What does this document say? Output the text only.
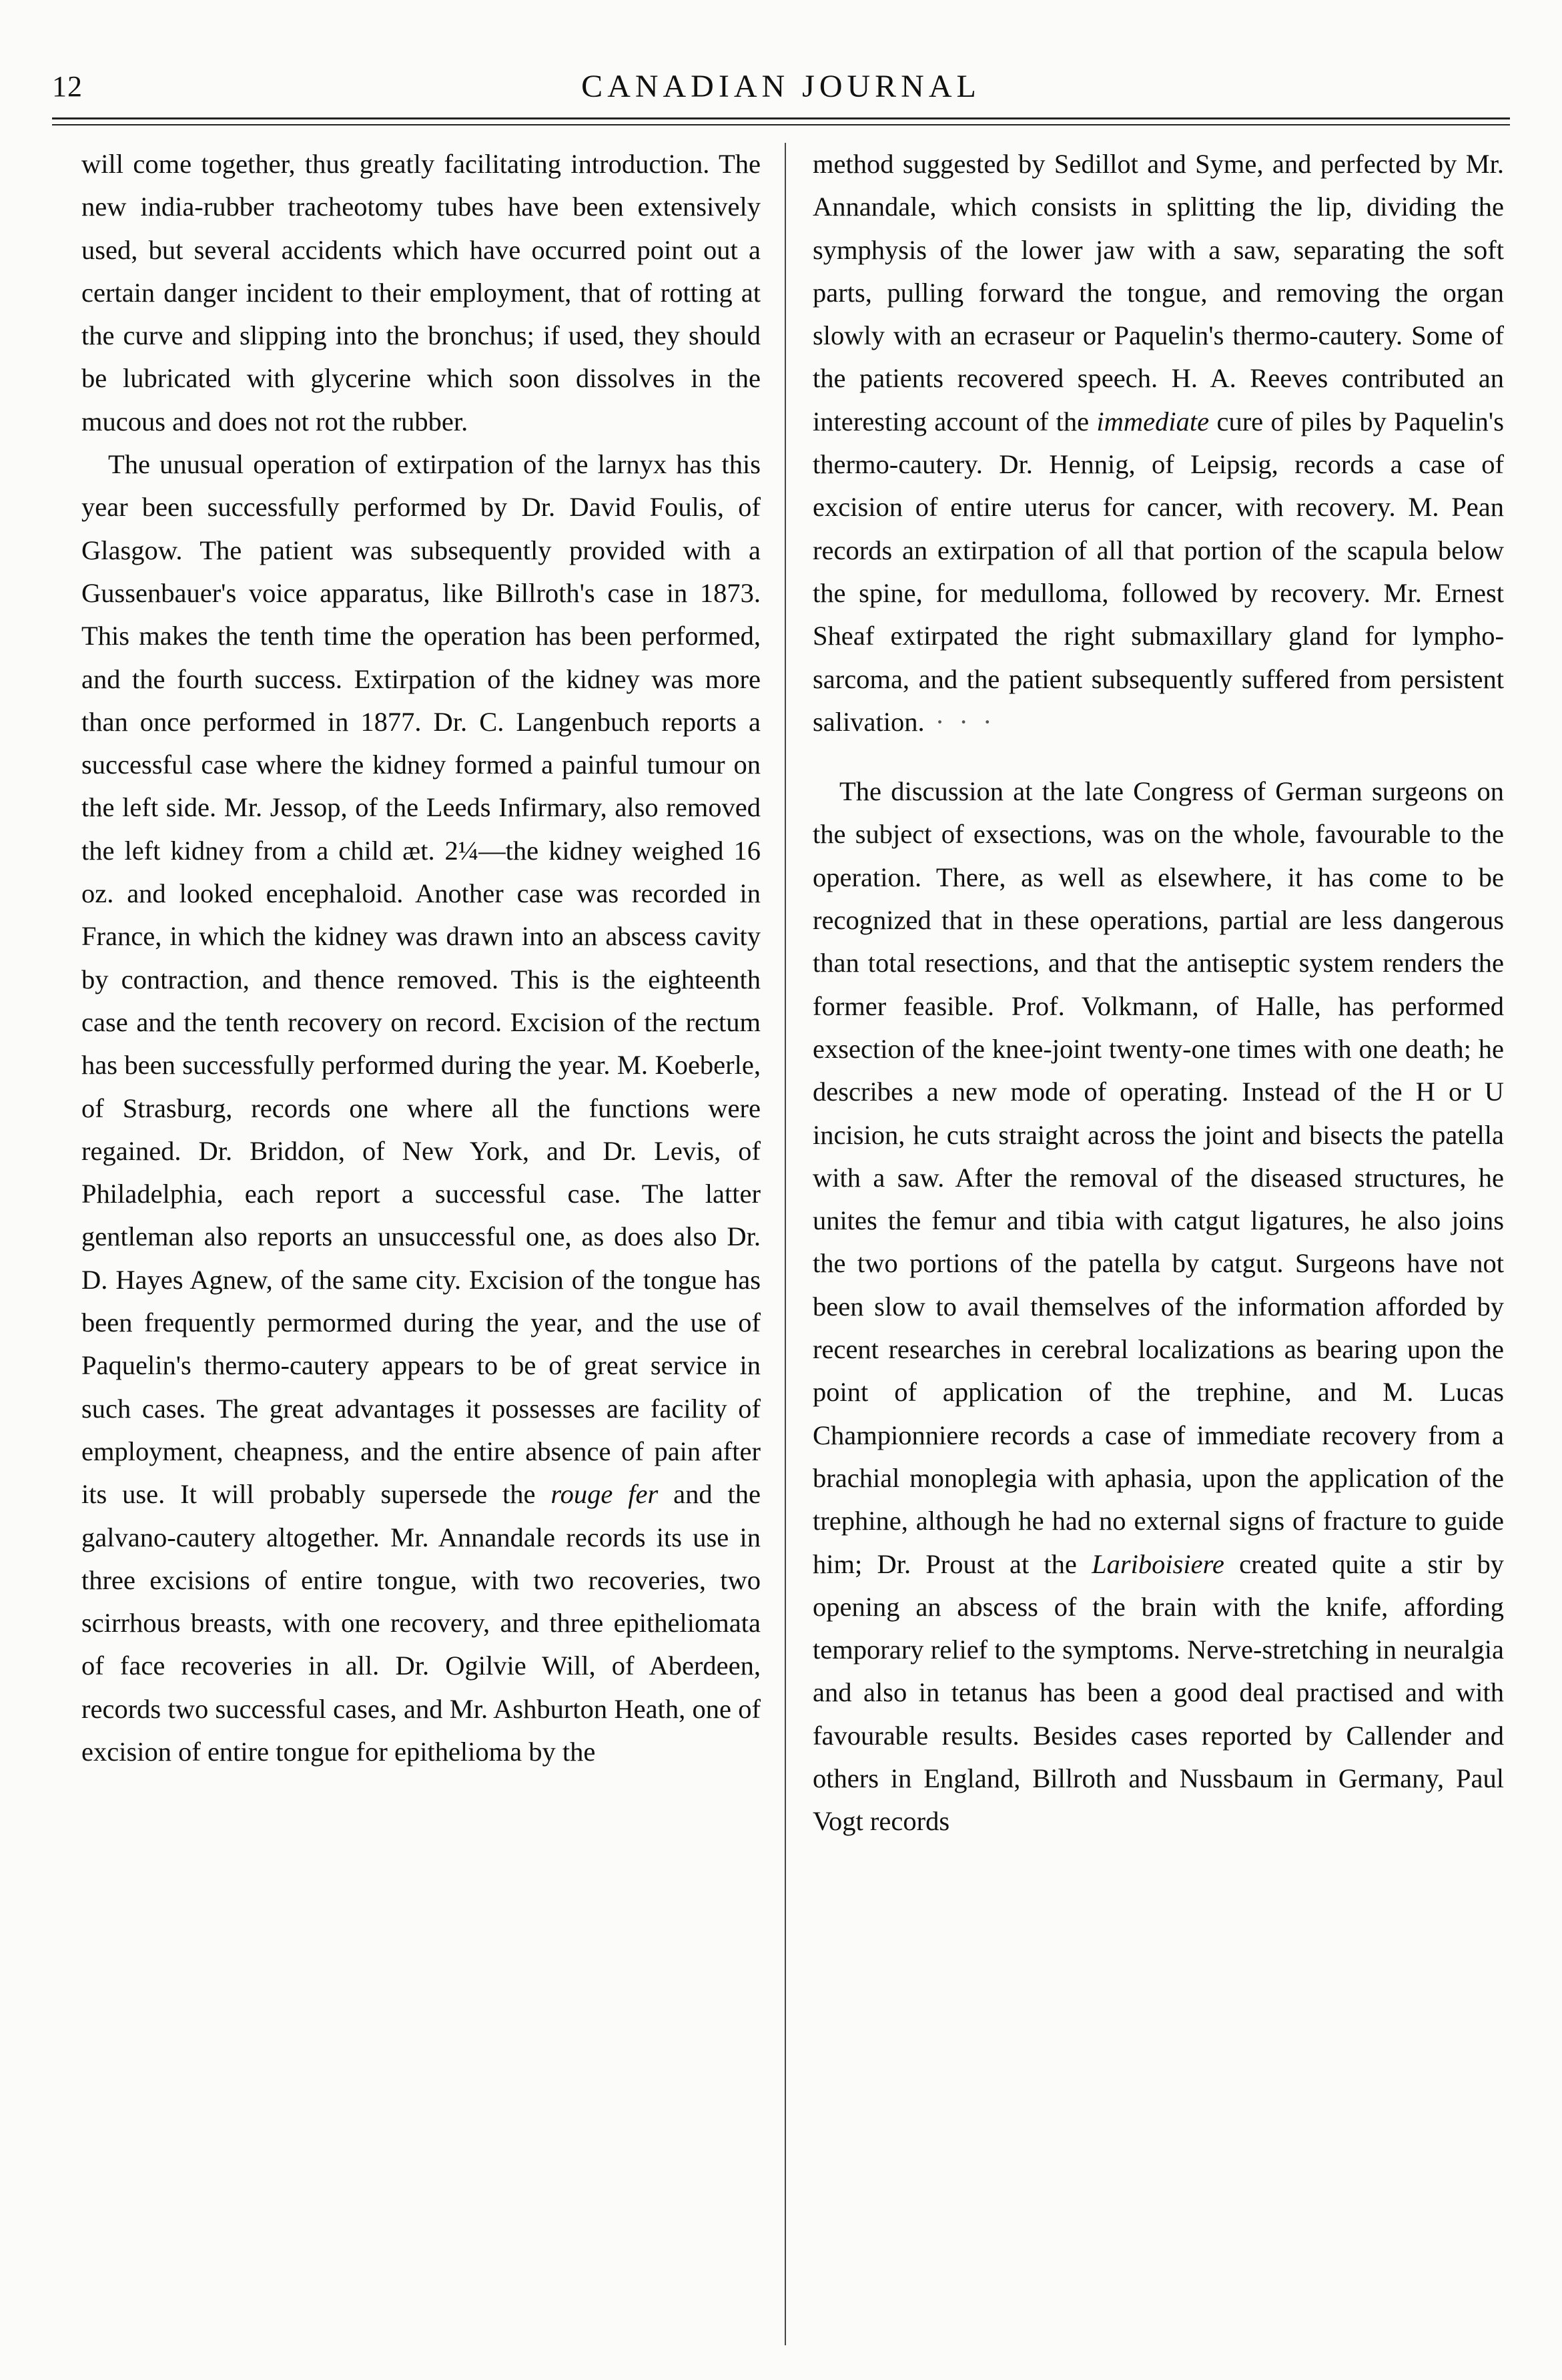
12	CANADIAN JOURNAL

will come together, thus greatly facilitating introduction. The new india-rubber tracheotomy tubes have been extensively used, but several accidents which have occurred point out a certain danger incident to their employment, that of rotting at the curve and slipping into the bronchus; if used, they should be lubricated with glycerine which soon dissolves in the mucous and does not rot the rubber.

The unusual operation of extirpation of the larnyx has this year been successfully performed by Dr. David Foulis, of Glasgow. The patient was subsequently provided with a Gussenbauer's voice apparatus, like Billroth's case in 1873. This makes the tenth time the operation has been performed, and the fourth success. Extirpation of the kidney was more than once performed in 1877. Dr. C. Langenbuch reports a successful case where the kidney formed a painful tumour on the left side. Mr. Jessop, of the Leeds Infirmary, also removed the left kidney from a child æt. 2¼—the kidney weighed 16 oz. and looked encephaloid. Another case was recorded in France, in which the kidney was drawn into an abscess cavity by contraction, and thence removed. This is the eighteenth case and the tenth recovery on record. Excision of the rectum has been successfully performed during the year. M. Koeberle, of Strasburg, records one where all the functions were regained. Dr. Briddon, of New York, and Dr. Levis, of Philadelphia, each report a successful case. The latter gentleman also reports an unsuccessful one, as does also Dr. D. Hayes Agnew, of the same city. Excision of the tongue has been frequently permormed during the year, and the use of Paquelin's thermo-cautery appears to be of great service in such cases. The great advantages it possesses are facility of employment, cheapness, and the entire absence of pain after its use. It will probably supersede the rouge fer and the galvano-cautery altogether. Mr. Annandale records its use in three excisions of entire tongue, with two recoveries, two scirrhous breasts, with one recovery, and three epitheliomata of face recoveries in all. Dr. Ogilvie Will, of Aberdeen, records two successful cases, and Mr. Ashburton Heath, one of excision of entire tongue for epithelioma by the

method suggested by Sedillot and Syme, and perfected by Mr. Annandale, which consists in splitting the lip, dividing the symphysis of the lower jaw with a saw, separating the soft parts, pulling forward the tongue, and removing the organ slowly with an ecraseur or Paquelin's thermo-cautery. Some of the patients recovered speech. H. A. Reeves contributed an interesting account of the immediate cure of piles by Paquelin's thermo-cautery. Dr. Hennig, of Leipsig, records a case of excision of entire uterus for cancer, with recovery. M. Pean records an extirpation of all that portion of the scapula below the spine, for medulloma, followed by recovery. Mr. Ernest Sheaf extirpated the right submaxillary gland for lympho-sarcoma, and the patient subsequently suffered from persistent salivation. · · ·

The discussion at the late Congress of German surgeons on the subject of exsections, was on the whole, favourable to the operation. There, as well as elsewhere, it has come to be recognized that in these operations, partial are less dangerous than total resections, and that the antiseptic system renders the former feasible. Prof. Volkmann, of Halle, has performed exsection of the knee-joint twenty-one times with one death; he describes a new mode of operating. Instead of the H or U incision, he cuts straight across the joint and bisects the patella with a saw. After the removal of the diseased structures, he unites the femur and tibia with catgut ligatures, he also joins the two portions of the patella by catgut. Surgeons have not been slow to avail themselves of the information afforded by recent researches in cerebral localizations as bearing upon the point of application of the trephine, and M. Lucas Championniere records a case of immediate recovery from a brachial monoplegia with aphasia, upon the application of the trephine, although he had no external signs of fracture to guide him; Dr. Proust at the Lariboisiere created quite a stir by opening an abscess of the brain with the knife, affording temporary relief to the symptoms. Nerve-stretching in neuralgia and also in tetanus has been a good deal practised and with favourable results. Besides cases reported by Callender and others in England, Billroth and Nussbaum in Germany, Paul Vogt records
